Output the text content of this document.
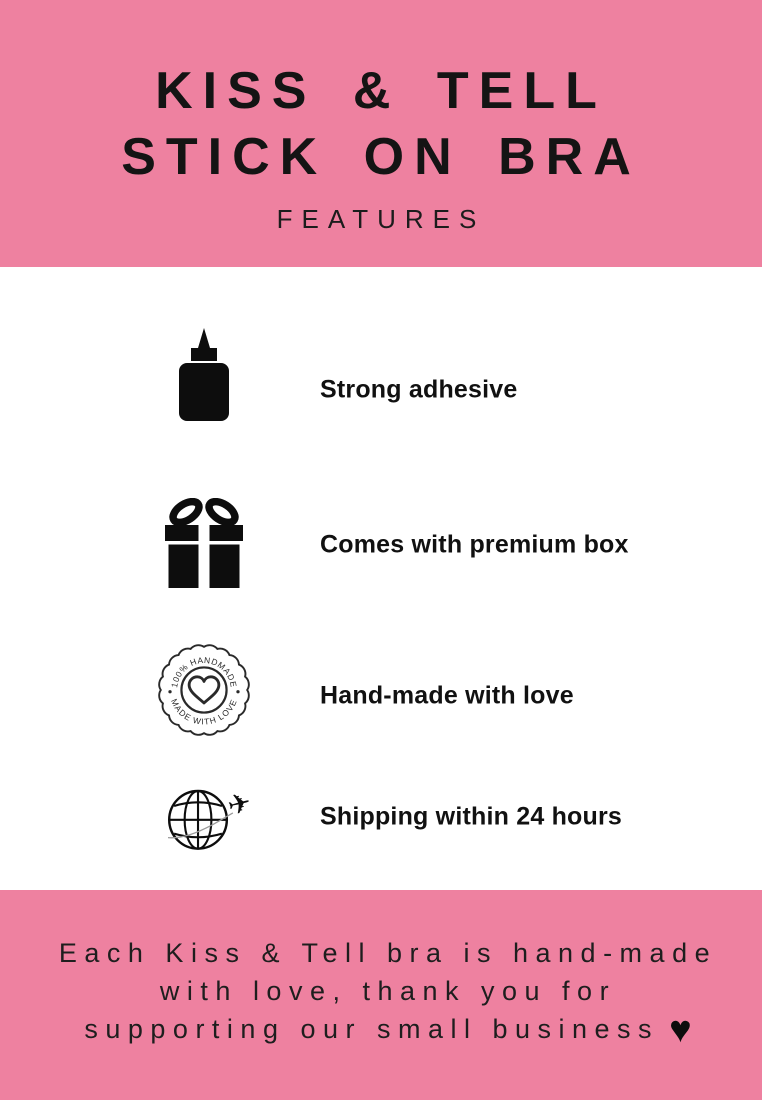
KISS & TELL
STICK ON BRA
FEATURES
Strong adhesive
Comes with premium box
100% HANDMADE
MADE WITH LOVE	Hand-made with love
✈	Shipping within 24 hours
Each Kiss & Tell bra is hand-made
with love, thank you for
supporting our small business ♥
